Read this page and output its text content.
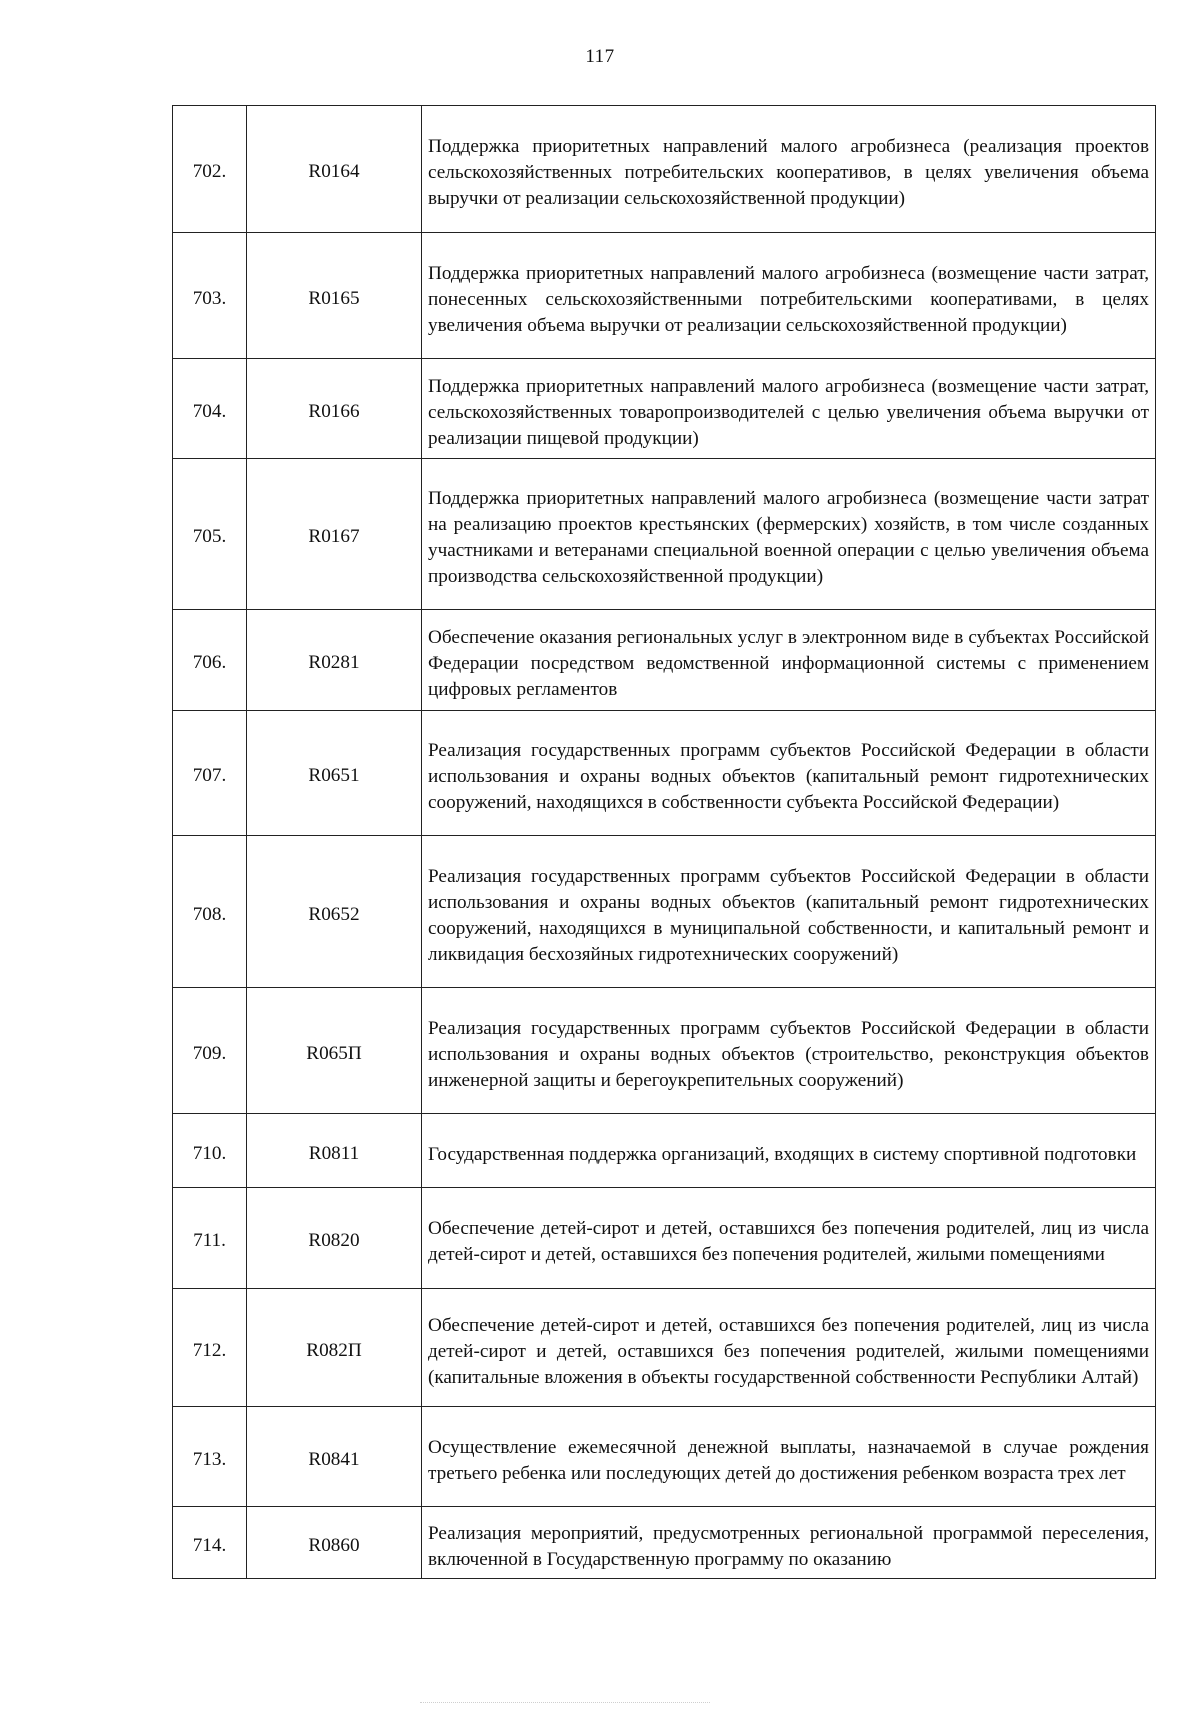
117
702.	R0164	Поддержка приоритетных направлений малого агробизнеса (реализация проектов сельскохозяйственных потребительских кооперативов, в целях увеличения объема выручки от реализации сельскохозяйственной продукции)
703.	R0165	Поддержка приоритетных направлений малого агробизнеса (возмещение части затрат, понесенных сельскохозяйственными потребительскими кооперативами, в целях увеличения объема выручки от реализации сельскохозяйственной продукции)
704.	R0166	Поддержка приоритетных направлений малого агробизнеса (возмещение части затрат, сельскохозяйственных товаропроизводителей с целью увеличения объема выручки от реализации пищевой продукции)
705.	R0167	Поддержка приоритетных направлений малого агробизнеса (возмещение части затрат на реализацию проектов крестьянских (фермерских) хозяйств, в том числе созданных участниками и ветеранами специальной военной операции с целью увеличения объема производства сельскохозяйственной продукции)
706.	R0281	Обеспечение оказания региональных услуг в электронном виде в субъектах Российской Федерации посредством ведомственной информационной системы с применением цифровых регламентов
707.	R0651	Реализация государственных программ субъектов Российской Федерации в области использования и охраны водных объектов (капитальный ремонт гидротехнических сооружений, находящихся в собственности субъекта Российской Федерации)
708.	R0652	Реализация государственных программ субъектов Российской Федерации в области использования и охраны водных объектов (капитальный ремонт гидротехнических сооружений, находящихся в муниципальной собственности, и капитальный ремонт и ликвидация бесхозяйных гидротехнических сооружений)
709.	R065П	Реализация государственных программ субъектов Российской Федерации в области использования и охраны водных объектов (строительство, реконструкция объектов инженерной защиты и берегоукрепительных сооружений)
710.	R0811	Государственная поддержка организаций, входящих в систему спортивной подготовки
711.	R0820	Обеспечение детей-сирот и детей, оставшихся без попечения родителей, лиц из числа детей-сирот и детей, оставшихся без попечения родителей, жилыми помещениями
712.	R082П	Обеспечение детей-сирот и детей, оставшихся без попечения родителей, лиц из числа детей-сирот и детей, оставшихся без попечения родителей, жилыми помещениями (капитальные вложения в объекты государственной собственности Республики Алтай)
713.	R0841	Осуществление ежемесячной денежной выплаты, назначаемой в случае рождения третьего ребенка или последующих детей до достижения ребенком возраста трех лет
714.	R0860	Реализация мероприятий, предусмотренных региональной программой переселения, включенной в Государственную программу по оказанию
